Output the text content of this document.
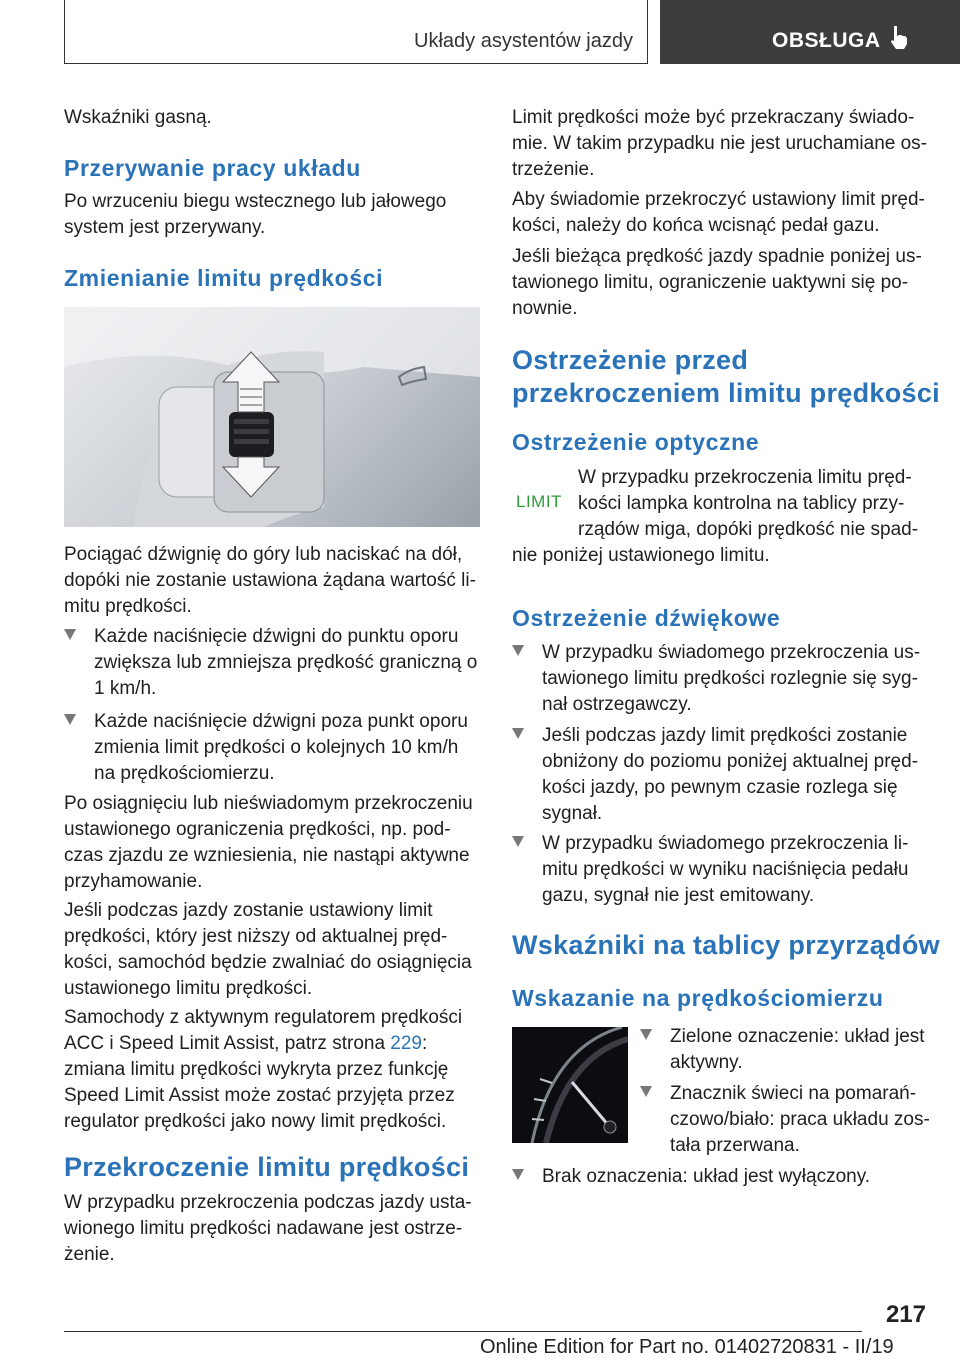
Układy asystentów jazdy	OBSŁUGA

Wskaźniki gasną.

Przerywanie pracy układu

Po wrzuceniu biegu wstecznego lub jałowego

system jest przerywany.

Zmienianie limitu prędkości

Pociągać dźwignię do góry lub naciskać na dół,

dopóki nie zostanie ustawiona żądana wartość li‐

mitu prędkości.

Każde naciśnięcie dźwigni do punktu oporu
zwiększa lub zmniejsza prędkość graniczną o
1 km/h.
Każde naciśnięcie dźwigni poza punkt oporu
zmienia limit prędkości o kolejnych 10 km/h
na prędkościomierzu.

Po osiągnięciu lub nieświadomym przekroczeniu

ustawionego ograniczenia prędkości, np. pod‐

czas zjazdu ze wzniesienia, nie nastąpi aktywne

przyhamowanie.

Jeśli podczas jazdy zostanie ustawiony limit

prędkości, który jest niższy od aktualnej pręd‐

kości, samochód będzie zwalniać do osiągnięcia

ustawionego limitu prędkości.

Samochody z aktywnym regulatorem prędkości

ACC i Speed Limit Assist, patrz strona 229:

zmiana limitu prędkości wykryta przez funkcję

Speed Limit Assist może zostać przyjęta przez

regulator prędkości jako nowy limit prędkości.

Przekroczenie limitu prędkości

W przypadku przekroczenia podczas jazdy usta‐

wionego limitu prędkości nadawane jest ostrze‐

żenie.

Limit prędkości może być przekraczany świado‐

mie. W takim przypadku nie jest uruchamiane os‐

trzeżenie.

Aby świadomie przekroczyć ustawiony limit pręd‐

kości, należy do końca wcisnąć pedał gazu.

Jeśli bieżąca prędkość jazdy spadnie poniżej us‐

tawionego limitu, ograniczenie uaktywni się po‐

nownie.

Ostrzeżenie przed
przekroczeniem limitu prędkości
Ostrzeżenie optyczne
LIMIT

W przypadku przekroczenia limitu pręd‐

kości lampka kontrolna na tablicy przy‐

rządów miga, dopóki prędkość nie spad‐

nie poniżej ustawionego limitu.

Ostrzeżenie dźwiękowe
W przypadku świadomego przekroczenia us‐
tawionego limitu prędkości rozlegnie się syg‐
nał ostrzegawczy.
Jeśli podczas jazdy limit prędkości zostanie
obniżony do poziomu poniżej aktualnej pręd‐
kości jazdy, po pewnym czasie rozlega się
sygnał.
W przypadku świadomego przekroczenia li‐
mitu prędkości w wyniku naciśnięcia pedału
gazu, sygnał nie jest emitowany.
Wskaźniki na tablicy przyrządów
Wskazanie na prędkościomierzu
Zielone oznaczenie: układ jest
aktywny.
Znacznik świeci na pomarań‐
czowo/biało: praca układu zos‐
tała przerwana.
Brak oznaczenia: układ jest wyłączony.
217
Online Edition for Part no. 01402720831 - II/19
